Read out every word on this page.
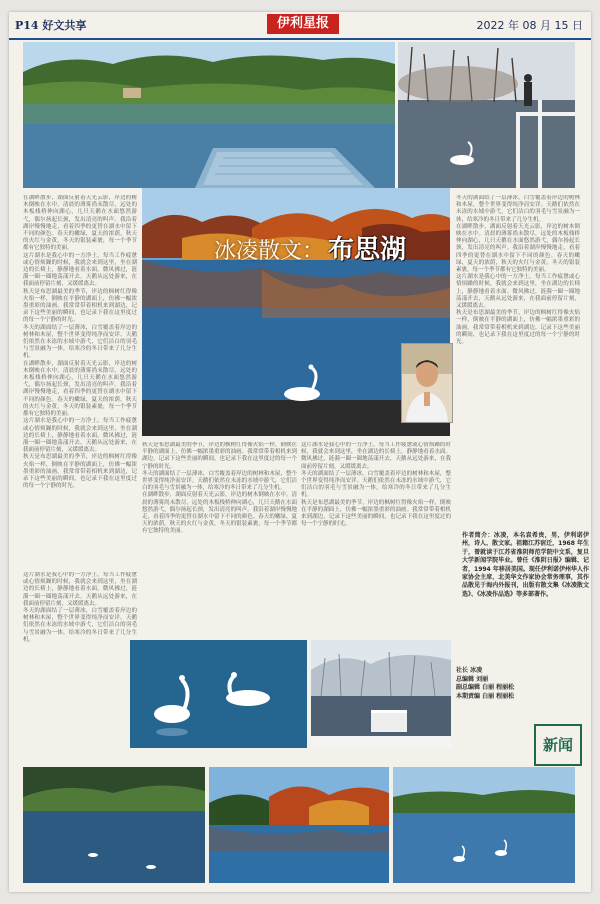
P14 好文共享	伊利星报	2022 年 08 月 15 日

在湖畔散步，湖面反射着天光云影，岸边的树木倒映在水中。清晨的薄雾尚未散尽，远处的木板栈桥伸向湖心，几只天鹅在水面悠然游弋，偶尔扬起长颈，发出清亮的叫声。我沿着湖岸慢慢地走，看着四季的更替在湖水中留下不同的颜色。春天的嫩绿，夏天的浓荫，秋天的火红与金黄，冬天的银装素裹，每一个季节都有它独特的美丽。

这片湖水是我心中的一方净土。每当工作疲惫或心情烦躁的时候，我就会来到这里，坐在湖边的长椅上，静静地看着水面。微风拂过，涟漪一圈一圈地荡漾开去，天鹅从远处游来，在我面前停留片刻，又缓缓离去。

秋天是布思湖最美的季节，岸边的枫树红得像火焰一样，倒映在平静的湖面上，仿佛一幅浓墨重彩的油画。我常常带着相机来到湖边，记录下这些美丽的瞬间，也记录下我在这里度过的每一个宁静的时光。

冬天的湖面结了一层薄冰，白雪覆盖着岸边的树林和木屋，整个世界变得纯净而安详。天鹅们依然在未冻的水域中游弋，它们洁白的羽毛与雪景融为一体，给寒冷的冬日带来了几分生机。

在湖畔散步，湖面反射着天光云影，岸边的树木倒映在水中。清晨的薄雾尚未散尽，远处的木板栈桥伸向湖心，几只天鹅在水面悠然游弋，偶尔扬起长颈，发出清亮的叫声。我沿着湖岸慢慢地走，看着四季的更替在湖水中留下不同的颜色。春天的嫩绿，夏天的浓荫，秋天的火红与金黄，冬天的银装素裹，每一个季节都有它独特的美丽。

这片湖水是我心中的一方净土。每当工作疲惫或心情烦躁的时候，我就会来到这里，坐在湖边的长椅上，静静地看着水面。微风拂过，涟漪一圈一圈地荡漾开去，天鹅从远处游来，在我面前停留片刻，又缓缓离去。

秋天是布思湖最美的季节，岸边的枫树红得像火焰一样，倒映在平静的湖面上，仿佛一幅浓墨重彩的油画。我常常带着相机来到湖边，记录下这些美丽的瞬间，也记录下我在这里度过的每一个宁静的时光。

冰凌散文： 布思湖

秋天是布思湖最美的季节，岸边的枫树红得像火焰一样，倒映在平静的湖面上，仿佛一幅浓墨重彩的油画。我常常带着相机来到湖边，记录下这些美丽的瞬间，也记录下我在这里度过的每一个宁静的时光。

冬天的湖面结了一层薄冰，白雪覆盖着岸边的树林和木屋，整个世界变得纯净而安详。天鹅们依然在未冻的水域中游弋，它们洁白的羽毛与雪景融为一体，给寒冷的冬日带来了几分生机。

在湖畔散步，湖面反射着天光云影，岸边的树木倒映在水中。清晨的薄雾尚未散尽，远处的木板栈桥伸向湖心，几只天鹅在水面悠然游弋，偶尔扬起长颈，发出清亮的叫声。我沿着湖岸慢慢地走，看着四季的更替在湖水中留下不同的颜色。春天的嫩绿，夏天的浓荫，秋天的火红与金黄，冬天的银装素裹，每一个季节都有它独特的美丽。

这片湖水是我心中的一方净土。每当工作疲惫或心情烦躁的时候，我就会来到这里，坐在湖边的长椅上，静静地看着水面。微风拂过，涟漪一圈一圈地荡漾开去，天鹅从远处游来，在我面前停留片刻，又缓缓离去。

冬天的湖面结了一层薄冰，白雪覆盖着岸边的树林和木屋，整个世界变得纯净而安详。天鹅们依然在未冻的水域中游弋，它们洁白的羽毛与雪景融为一体，给寒冷的冬日带来了几分生机。

秋天是布思湖最美的季节，岸边的枫树红得像火焰一样，倒映在平静的湖面上，仿佛一幅浓墨重彩的油画。我常常带着相机来到湖边，记录下这些美丽的瞬间，也记录下我在这里度过的每一个宁静的时光。

冬天的湖面结了一层薄冰，白雪覆盖着岸边的树林和木屋，整个世界变得纯净而安详。天鹅们依然在未冻的水域中游弋，它们洁白的羽毛与雪景融为一体，给寒冷的冬日带来了几分生机。

在湖畔散步，湖面反射着天光云影，岸边的树木倒映在水中。清晨的薄雾尚未散尽，远处的木板栈桥伸向湖心，几只天鹅在水面悠然游弋，偶尔扬起长颈，发出清亮的叫声。我沿着湖岸慢慢地走，看着四季的更替在湖水中留下不同的颜色。春天的嫩绿，夏天的浓荫，秋天的火红与金黄，冬天的银装素裹，每一个季节都有它独特的美丽。

这片湖水是我心中的一方净土。每当工作疲惫或心情烦躁的时候，我就会来到这里，坐在湖边的长椅上，静静地看着水面。微风拂过，涟漪一圈一圈地荡漾开去，天鹅从远处游来，在我面前停留片刻，又缓缓离去。

秋天是布思湖最美的季节，岸边的枫树红得像火焰一样，倒映在平静的湖面上，仿佛一幅浓墨重彩的油画。我常常带着相机来到湖边，记录下这些美丽的瞬间，也记录下我在这里度过的每一个宁静的时光。

作者简介：冰凌，本名袁希贵，男，伊利诺伊州，诗人、散文家。祖籍江苏宿迁，1968 年生于，曾就读于江苏省淮阴师范学院中文系，复旦大学新闻学院毕业。曾任《淮阴日报》编辑、记者，1994 年移居美国。现任伊利诺伊州华人作家协会主席，北美华文作家协会常务理事，其作品散见于海内外报刊，出版有散文集《冰凌散文选》、《冰凌作品选》等多部著作。
社长 冰凌
总编辑 刘丽
副总编辑 白丽 程丽松
本期责编 白丽 程丽松

这片湖水是我心中的一方净土。每当工作疲惫或心情烦躁的时候，我就会来到这里，坐在湖边的长椅上，静静地看着水面。微风拂过，涟漪一圈一圈地荡漾开去，天鹅从远处游来，在我面前停留片刻，又缓缓离去。

冬天的湖面结了一层薄冰，白雪覆盖着岸边的树林和木屋，整个世界变得纯净而安详。天鹅们依然在未冻的水域中游弋，它们洁白的羽毛与雪景融为一体，给寒冷的冬日带来了几分生机。

新闻
